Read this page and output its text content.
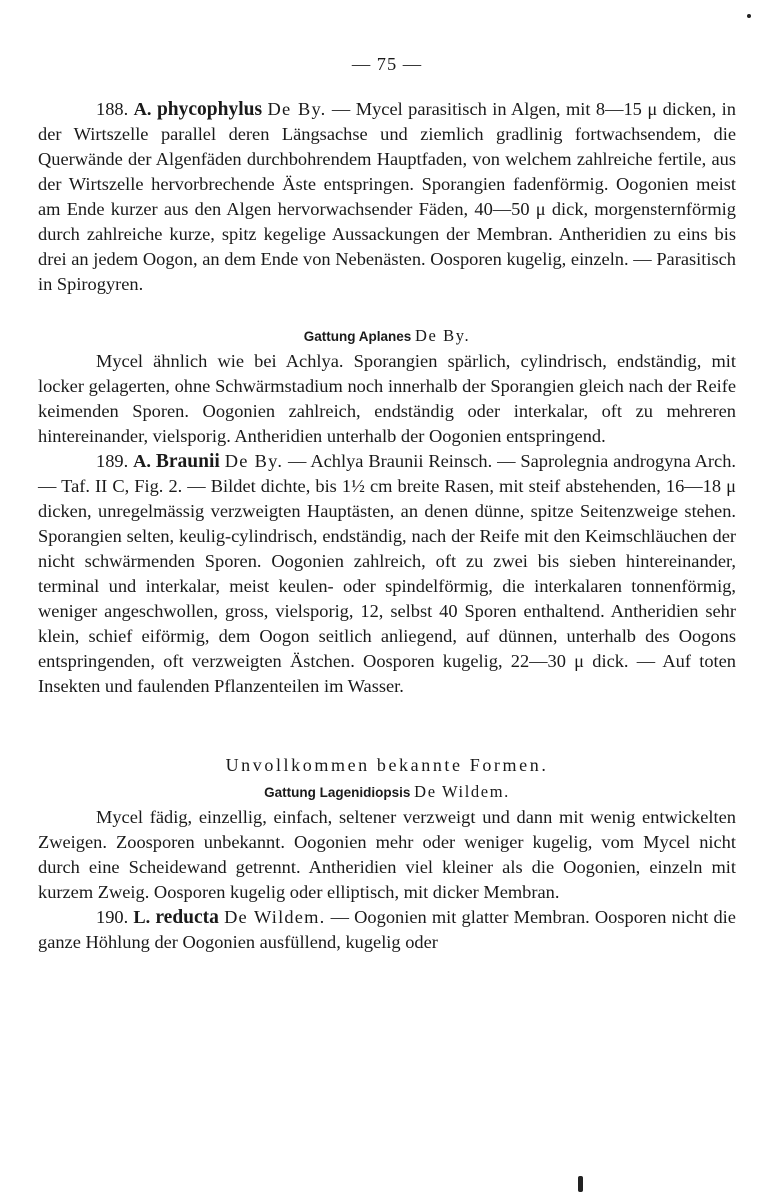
— 75 —

188. A. phycophylus De By. — Mycel parasitisch in Algen, mit 8—15 μ dicken, in der Wirtszelle parallel deren Längsachse und ziemlich gradlinig fortwachsendem, die Querwände der Algenfäden durchbohrendem Hauptfaden, von welchem zahlreiche fertile, aus der Wirtszelle hervorbrechende Äste entspringen. Sporangien fadenförmig. Oogonien meist am Ende kurzer aus den Algen hervorwachsender Fäden, 40—50 μ dick, morgensternförmig durch zahlreiche kurze, spitz kegelige Aussackungen der Membran. Antheridien zu eins bis drei an jedem Oogon, an dem Ende von Nebenästen. Oosporen kugelig, einzeln. — Parasitisch in Spirogyren.

Gattung Aplanes De By.

Mycel ähnlich wie bei Achlya. Sporangien spärlich, cylindrisch, endständig, mit locker gelagerten, ohne Schwärmstadium noch innerhalb der Sporangien gleich nach der Reife keimenden Sporen. Oogonien zahlreich, endständig oder interkalar, oft zu mehreren hintereinander, vielsporig. Antheridien unterhalb der Oogonien entspringend.

189. A. Braunii De By. — Achlya Braunii Reinsch. — Saprolegnia androgyna Arch. — Taf. II C, Fig. 2. — Bildet dichte, bis 1½ cm breite Rasen, mit steif abstehenden, 16—18 μ dicken, unregelmässig verzweigten Hauptästen, an denen dünne, spitze Seitenzweige stehen. Sporangien selten, keulig-cylindrisch, endständig, nach der Reife mit den Keimschläuchen der nicht schwärmenden Sporen. Oogonien zahlreich, oft zu zwei bis sieben hintereinander, terminal und interkalar, meist keulen- oder spindelförmig, die interkalaren tonnenförmig, weniger angeschwollen, gross, vielsporig, 12, selbst 40 Sporen enthaltend. Antheridien sehr klein, schief eiförmig, dem Oogon seitlich anliegend, auf dünnen, unterhalb des Oogons entspringenden, oft verzweigten Ästchen. Oosporen kugelig, 22—30 μ dick. — Auf toten Insekten und faulenden Pflanzenteilen im Wasser.

Unvollkommen bekannte Formen.
Gattung Lagenidiopsis De Wildem.

Mycel fädig, einzellig, einfach, seltener verzweigt und dann mit wenig entwickelten Zweigen. Zoosporen unbekannt. Oogonien mehr oder weniger kugelig, vom Mycel nicht durch eine Scheidewand getrennt. Antheridien viel kleiner als die Oogonien, einzeln mit kurzem Zweig. Oosporen kugelig oder elliptisch, mit dicker Membran.

190. L. reducta De Wildem. — Oogonien mit glatter Membran. Oosporen nicht die ganze Höhlung der Oogonien ausfüllend, kugelig oder
